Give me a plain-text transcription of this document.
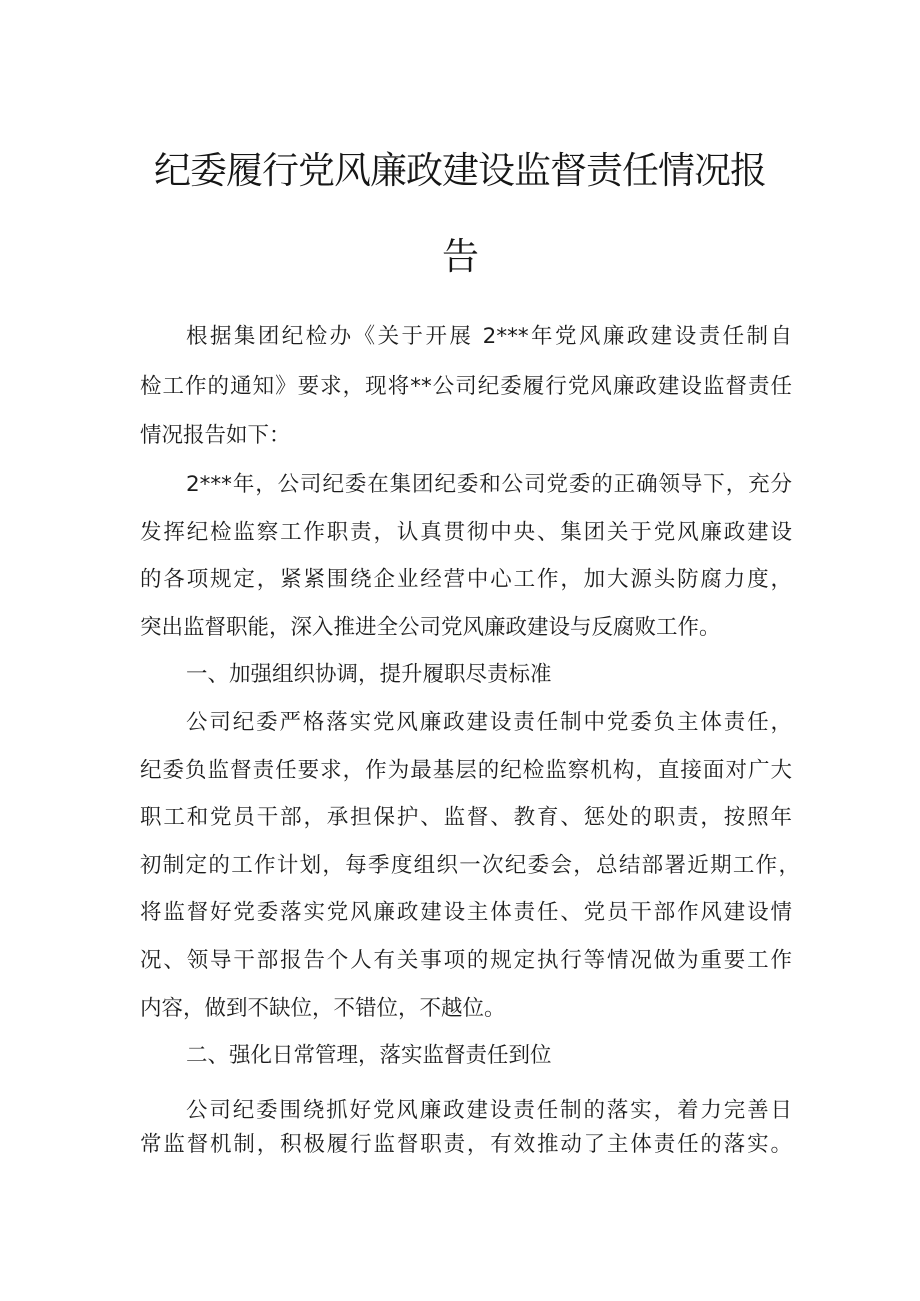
纪委履行党风廉政建设监督责任情况报
告
根据集团纪检办《关于开展 2***年党风廉政建设责任制自
检工作的通知》要求，现将**公司纪委履行党风廉政建设监督责任
情况报告如下：
2***年，公司纪委在集团纪委和公司党委的正确领导下，充分
发挥纪检监察工作职责，认真贯彻中央、集团关于党风廉政建设
的各项规定，紧紧围绕企业经营中心工作，加大源头防腐力度，
突出监督职能，深入推进全公司党风廉政建设与反腐败工作。
一、加强组织协调，提升履职尽责标准
公司纪委严格落实党风廉政建设责任制中党委负主体责任，
纪委负监督责任要求，作为最基层的纪检监察机构，直接面对广大
职工和党员干部，承担保护、监督、教育、惩处的职责，按照年
初制定的工作计划，每季度组织一次纪委会，总结部署近期工作，
将监督好党委落实党风廉政建设主体责任、党员干部作风建设情
况、领导干部报告个人有关事项的规定执行等情况做为重要工作
内容，做到不缺位，不错位，不越位。
二、强化日常管理，落实监督责任到位
公司纪委围绕抓好党风廉政建设责任制的落实，着力完善日
常监督机制，积极履行监督职责，有效推动了主体责任的落实。
